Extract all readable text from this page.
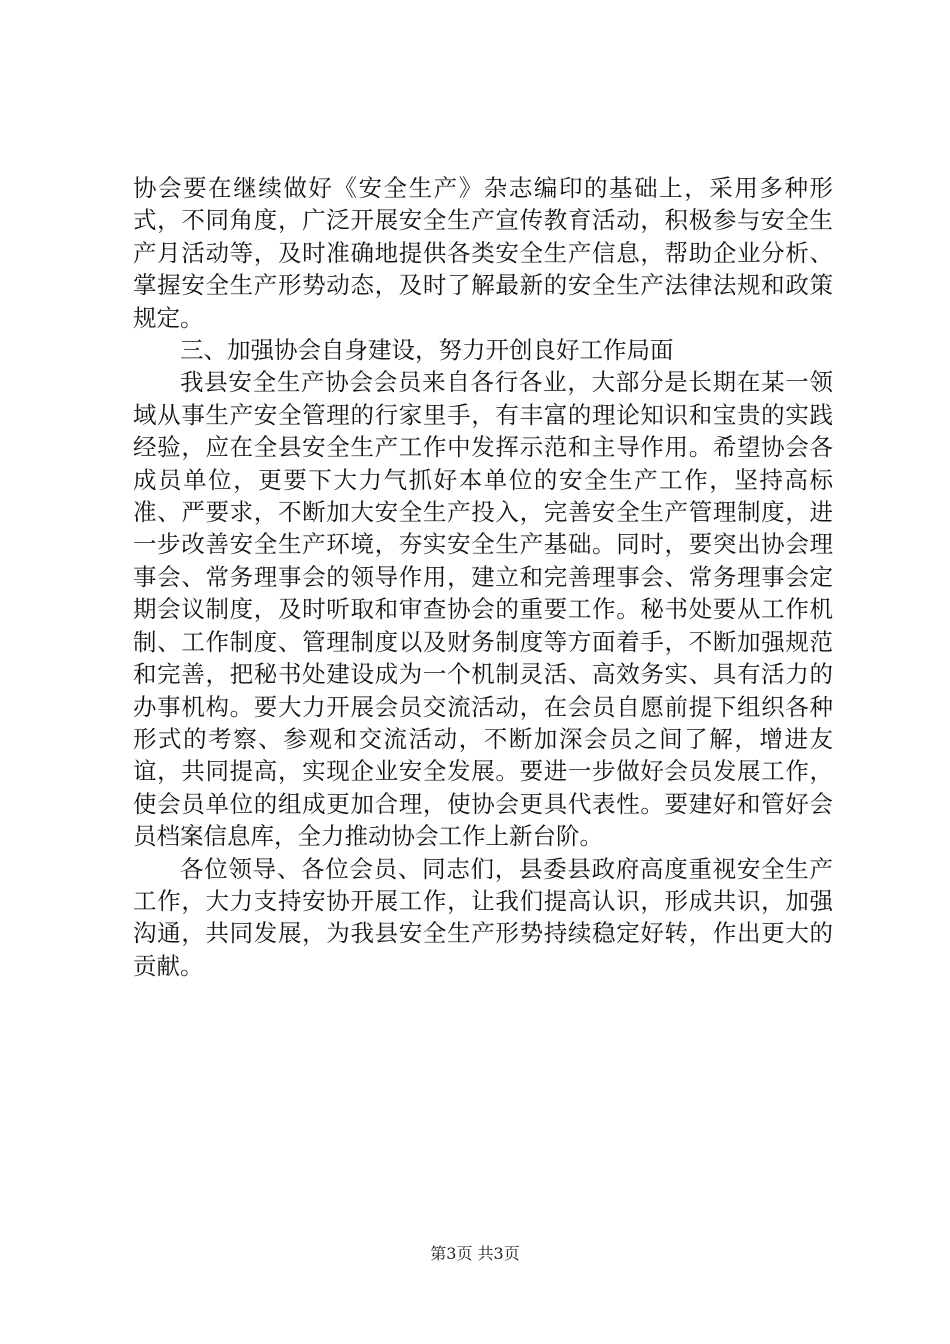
协会要在继续做好《安全生产》杂志编印的基础上，采用多种形式，不同角度，广泛开展安全生产宣传教育活动，积极参与安全生产月活动等，及时准确地提供各类安全生产信息，帮助企业分析、掌握安全生产形势动态，及时了解最新的安全生产法律法规和政策规定。

三、加强协会自身建设，努力开创良好工作局面

我县安全生产协会会员来自各行各业，大部分是长期在某一领域从事生产安全管理的行家里手，有丰富的理论知识和宝贵的实践经验，应在全县安全生产工作中发挥示范和主导作用。希望协会各成员单位，更要下大力气抓好本单位的安全生产工作，坚持高标准、严要求，不断加大安全生产投入，完善安全生产管理制度，进一步改善安全生产环境，夯实安全生产基础。同时，要突出协会理事会、常务理事会的领导作用，建立和完善理事会、常务理事会定期会议制度，及时听取和审查协会的重要工作。秘书处要从工作机制、工作制度、管理制度以及财务制度等方面着手，不断加强规范和完善，把秘书处建设成为一个机制灵活、高效务实、具有活力的办事机构。要大力开展会员交流活动，在会员自愿前提下组织各种形式的考察、参观和交流活动，不断加深会员之间了解，增进友谊，共同提高，实现企业安全发展。要进一步做好会员发展工作，使会员单位的组成更加合理，使协会更具代表性。要建好和管好会员档案信息库，全力推动协会工作上新台阶。

各位领导、各位会员、同志们，县委县政府高度重视安全生产工作，大力支持安协开展工作，让我们提高认识，形成共识，加强沟通，共同发展，为我县安全生产形势持续稳定好转，作出更大的贡献。

第3页 共3页
